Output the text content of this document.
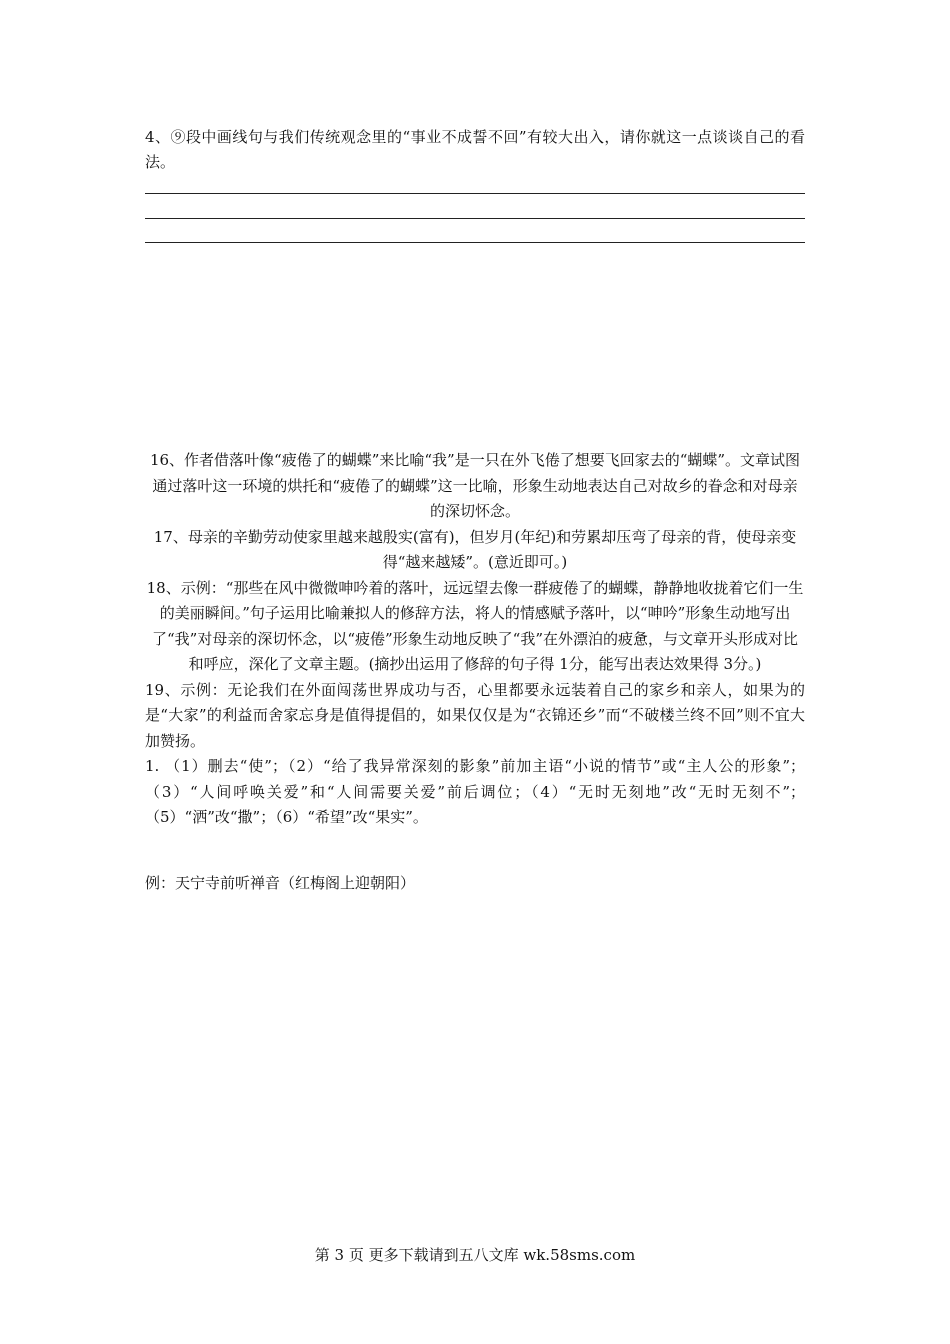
4、⑨段中画线句与我们传统观念里的“事业不成誓不回”有较大出入，请你就这一点谈谈自己的看法。

16、作者借落叶像“疲倦了的蝴蝶”来比喻“我”是一只在外飞倦了想要飞回家去的“蝴蝶”。文章试图通过落叶这一环境的烘托和“疲倦了的蝴蝶”这一比喻，形象生动地表达自己对故乡的眷念和对母亲的深切怀念。

17、母亲的辛勤劳动使家里越来越殷实(富有)，但岁月(年纪)和劳累却压弯了母亲的背，使母亲变得“越来越矮”。(意近即可。)

18、示例：“那些在风中微微呻吟着的落叶，远远望去像一群疲倦了的蝴蝶，静静地收拢着它们一生的美丽瞬间。”句子运用比喻兼拟人的修辞方法，将人的情感赋予落叶，以“呻吟”形象生动地写出了“我”对母亲的深切怀念，以“疲倦”形象生动地反映了“我”在外漂泊的疲惫，与文章开头形成对比和呼应，深化了文章主题。(摘抄出运用了修辞的句子得 1分，能写出表达效果得 3分。)

19、示例：无论我们在外面闯荡世界成功与否，心里都要永远装着自己的家乡和亲人，如果为的是“大家”的利益而舍家忘身是值得提倡的，如果仅仅是为“衣锦还乡”而“不破楼兰终不回”则不宜大加赞扬。

1. （1）删去“使”；（2）“给了我异常深刻的影象”前加主语“小说的情节”或“主人公的形象”；（3）“人间呼唤关爱”和“人间需要关爱”前后调位；（4）“无时无刻地”改“无时无刻不”；（5）“洒”改“撒”；（6）“希望”改“果实”。

例：天宁寺前听禅音（红梅阁上迎朝阳）
第 3 页 更多下载请到五八文库 wk.58sms.com
